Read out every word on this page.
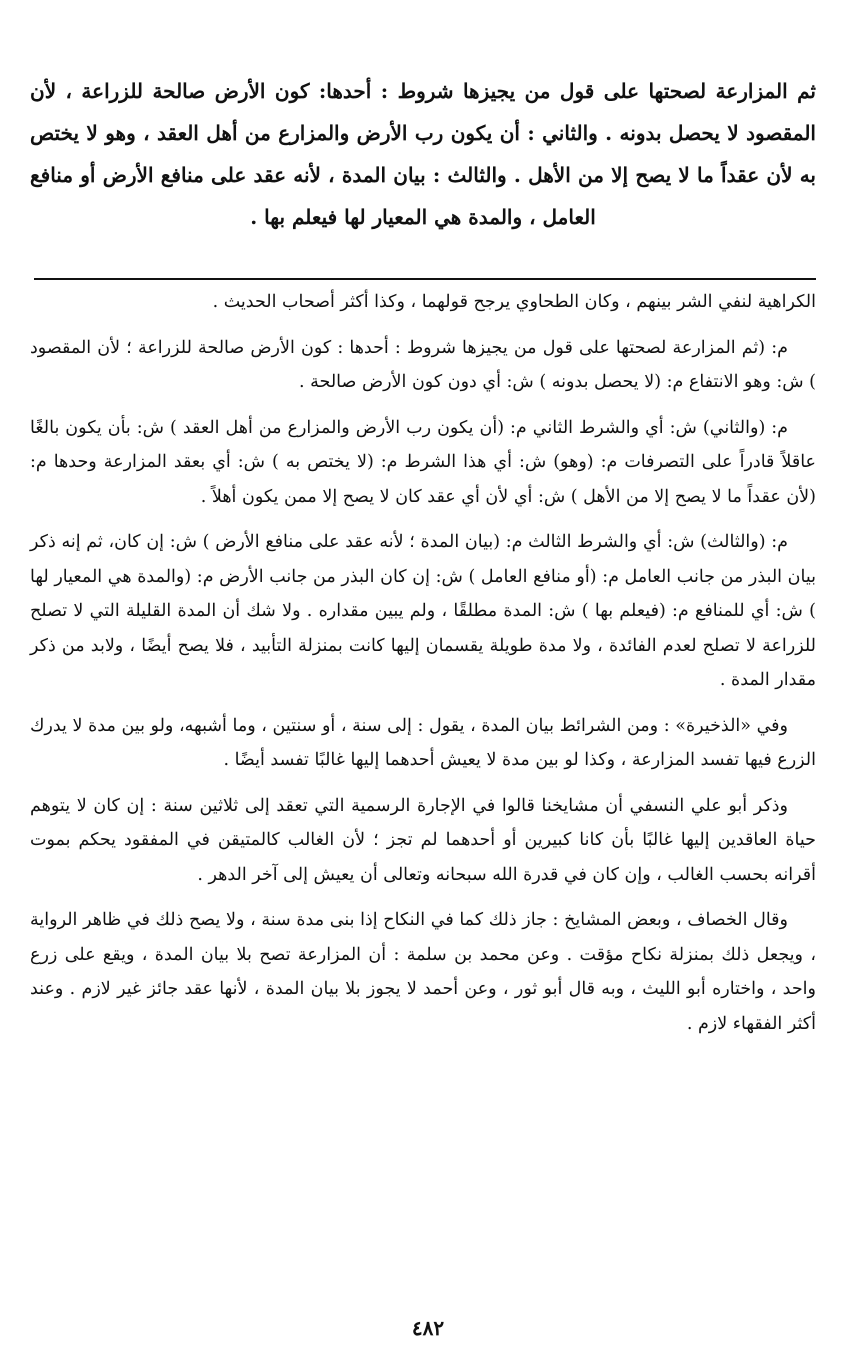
ثم المزارعة لصحتها على قول من يجيزها شروط : أحدها: كون الأرض صالحة للزراعة ، لأن المقصود لا يحصل بدونه . والثاني : أن يكون رب الأرض والمزارع من أهل العقد ، وهو لا يختص به لأن عقداً ما لا يصح إلا من الأهل . والثالث : بيان المدة ، لأنه عقد على منافع الأرض أو منافع العامل ، والمدة هي المعيار لها فيعلم بها .

الكراهية لنفي الشر بينهم ، وكان الطحاوي يرجح قولهما ، وكذا أكثر أصحاب الحديث .

م: (ثم المزارعة لصحتها على قول من يجيزها شروط : أحدها : كون الأرض صالحة للزراعة ؛ لأن المقصود ) ش: وهو الانتفاع م: (لا يحصل بدونه ) ش: أي دون كون الأرض صالحة .

م: (والثاني) ش: أي والشرط الثاني م: (أن يكون رب الأرض والمزارع من أهل العقد ) ش: بأن يكون بالغًا عاقلاً قادراً على التصرفات م: (وهو) ش: أي هذا الشرط م: (لا يختص به ) ش: أي بعقد المزارعة وحدها م: (لأن عقداً ما لا يصح إلا من الأهل ) ش: أي لأن أي عقد كان لا يصح إلا ممن يكون أهلاً .

م: (والثالث) ش: أي والشرط الثالث م: (بيان المدة ؛ لأنه عقد على منافع الأرض ) ش: إن كان، ثم إنه ذكر بيان البذر من جانب العامل م: (أو منافع العامل ) ش: إن كان البذر من جانب الأرض م: (والمدة هي المعيار لها ) ش: أي للمنافع م: (فيعلم بها ) ش: المدة مطلقًا ، ولم يبين مقداره . ولا شك أن المدة القليلة التي لا تصلح للزراعة لا تصلح لعدم الفائدة ، ولا مدة طويلة يقسمان إليها كانت بمنزلة التأبيد ، فلا يصح أيضًا ، ولابد من ذكر مقدار المدة .

وفي «الذخيرة» : ومن الشرائط بيان المدة ، يقول : إلى سنة ، أو سنتين ، وما أشبهه، ولو بين مدة لا يدرك الزرع فيها تفسد المزارعة ، وكذا لو بين مدة لا يعيش أحدهما إليها غالبًا تفسد أيضًا .

وذكر أبو علي النسفي أن مشايخنا قالوا في الإجارة الرسمية التي تعقد إلى ثلاثين سنة : إن كان لا يتوهم حياة العاقدين إليها غالبًا بأن كانا كبيرين أو أحدهما لم تجز ؛ لأن الغالب كالمتيقن في المفقود يحكم بموت أقرانه بحسب الغالب ، وإن كان في قدرة الله سبحانه وتعالى أن يعيش إلى آخر الدهر .

وقال الخصاف ، وبعض المشايخ : جاز ذلك كما في النكاح إذا بنى مدة سنة ، ولا يصح ذلك في ظاهر الرواية ، ويجعل ذلك بمنزلة نكاح مؤقت . وعن محمد بن سلمة : أن المزارعة تصح بلا بيان المدة ، ويقع على زرع واحد ، واختاره أبو الليث ، وبه قال أبو ثور ، وعن أحمد لا يجوز بلا بيان المدة ، لأنها عقد جائز غير لازم . وعند أكثر الفقهاء لازم .

٤٨٢
